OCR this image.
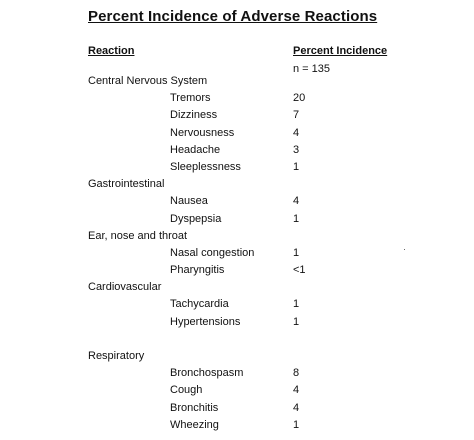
Percent Incidence of Adverse Reactions
Reaction	Percent Incidence
n = 135
Central Nervous System
Tremors	20
Dizziness	7
Nervousness	4
Headache	3
Sleeplessness	1
Gastrointestinal
Nausea	4
Dyspepsia	1
Ear, nose and throat
Nasal congestion	1
Pharyngitis	<1
Cardiovascular
Tachycardia	1
Hypertensions	1
Respiratory
Bronchospasm	8
Cough	4
Bronchitis	4
Wheezing	1
